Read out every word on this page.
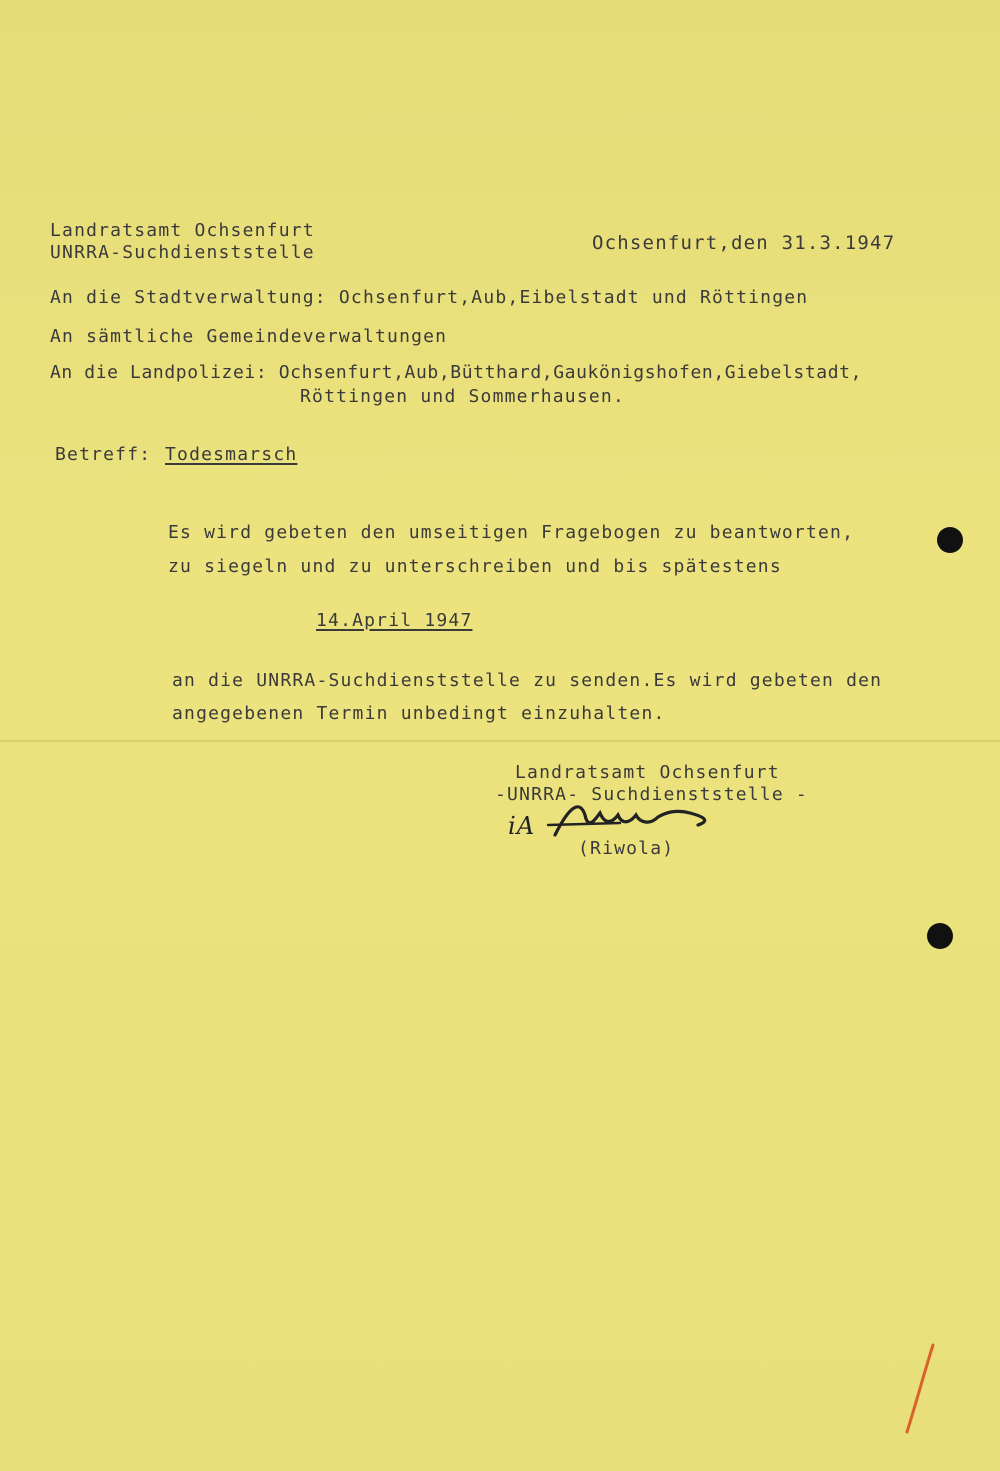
Landratsamt Ochsenfurt
UNRRA-Suchdienststelle	Ochsenfurt,den 31.3.1947
An die Stadtverwaltung: Ochsenfurt,Aub,Eibelstadt und Röttingen
An sämtliche Gemeindeverwaltungen
An die Landpolizei: Ochsenfurt,Aub,Bütthard,Gaukönigshofen,Giebelstadt,
Röttingen und Sommerhausen.
Betreff: Todesmarsch
Es wird gebeten den umseitigen Fragebogen zu beantworten,
zu siegeln und zu unterschreiben und bis spätestens
14.April 1947
an die UNRRA-Suchdienststelle zu senden.Es wird gebeten den
angegebenen Termin unbedingt einzuhalten.
Landratsamt Ochsenfurt
-UNRRA- Suchdienststelle -
iA
(Riwola)
